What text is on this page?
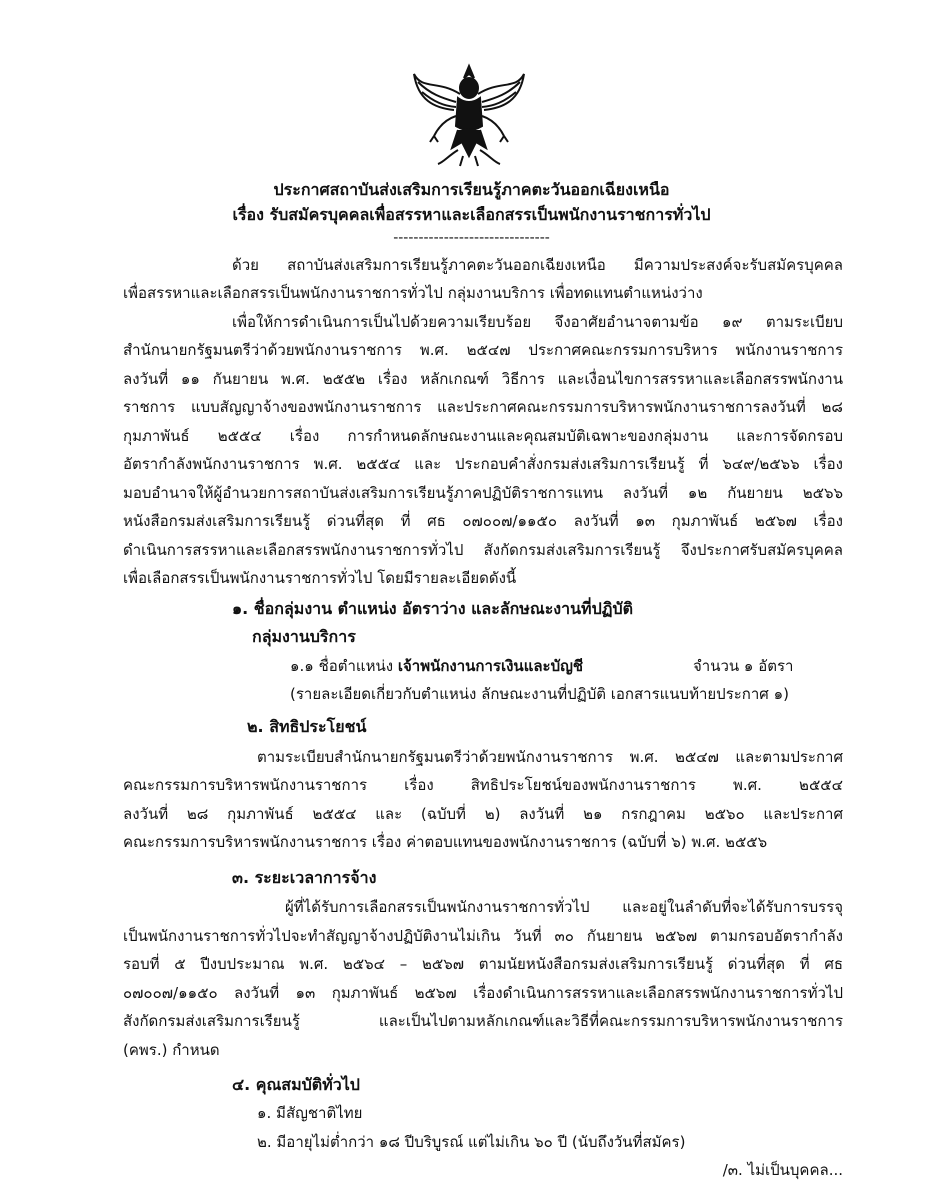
ประกาศสถาบันส่งเสริมการเรียนรู้ภาคตะวันออกเฉียงเหนือ
เรื่อง รับสมัครบุคคลเพื่อสรรหาและเลือกสรรเป็นพนักงานราชการทั่วไป
-------------------------------
ด้วย สถาบันส่งเสริมการเรียนรู้ภาคตะวันออกเฉียงเหนือ มีความประสงค์จะรับสมัครบุคคล
เพื่อสรรหาและเลือกสรรเป็นพนักงานราชการทั่วไป กลุ่มงานบริการ เพื่อทดแทนตำแหน่งว่าง
เพื่อให้การดำเนินการเป็นไปด้วยความเรียบร้อย จึงอาศัยอำนาจตามข้อ ๑๙ ตามระเบียบ
สำนักนายกรัฐมนตรีว่าด้วยพนักงานราชการ พ.ศ. ๒๕๔๗ ประกาศคณะกรรมการบริหาร พนักงานราชการ
ลงวันที่ ๑๑ กันยายน พ.ศ. ๒๕๕๒ เรื่อง หลักเกณฑ์ วิธีการ และเงื่อนไขการสรรหาและเลือกสรรพนักงาน
ราชการ แบบสัญญาจ้างของพนักงานราชการ และประกาศคณะกรรมการบริหารพนักงานราชการลงวันที่ ๒๘
กุมภาพันธ์ ๒๕๕๔ เรื่อง การกำหนดลักษณะงานและคุณสมบัติเฉพาะของกลุ่มงาน และการจัดกรอบ
อัตรากำลังพนักงานราชการ พ.ศ. ๒๕๕๔ และ ประกอบคำสั่งกรมส่งเสริมการเรียนรู้ ที่ ๖๔๙/๒๕๖๖ เรื่อง
มอบอำนาจให้ผู้อำนวยการสถาบันส่งเสริมการเรียนรู้ภาคปฏิบัติราชการแทน ลงวันที่ ๑๒ กันยายน ๒๕๖๖
หนังสือกรมส่งเสริมการเรียนรู้ ด่วนที่สุด ที่ ศธ ๐๗๐๐๗/๑๑๕๐ ลงวันที่ ๑๓ กุมภาพันธ์ ๒๕๖๗ เรื่อง
ดำเนินการสรรหาและเลือกสรรพนักงานราชการทั่วไป สังกัดกรมส่งเสริมการเรียนรู้ จึงประกาศรับสมัครบุคคล
เพื่อเลือกสรรเป็นพนักงานราชการทั่วไป โดยมีรายละเอียดดังนี้
๑. ชื่อกลุ่มงาน ตำแหน่ง อัตราว่าง และลักษณะงานที่ปฏิบัติ
กลุ่มงานบริการ
๑.๑ ชื่อตำแหน่ง เจ้าพนักงานการเงินและบัญชี	จำนวน ๑ อัตรา
(รายละเอียดเกี่ยวกับตำแหน่ง ลักษณะงานที่ปฏิบัติ เอกสารแนบท้ายประกาศ ๑)
๒. สิทธิประโยชน์
ตามระเบียบสำนักนายกรัฐมนตรีว่าด้วยพนักงานราชการ พ.ศ. ๒๕๔๗ และตามประกาศ
คณะกรรมการบริหารพนักงานราชการ เรื่อง สิทธิประโยชน์ของพนักงานราชการ พ.ศ. ๒๕๕๔
ลงวันที่ ๒๘ กุมภาพันธ์ ๒๕๕๔ และ (ฉบับที่ ๒) ลงวันที่ ๒๑ กรกฎาคม ๒๕๖๐ และประกาศ
คณะกรรมการบริหารพนักงานราชการ เรื่อง ค่าตอบแทนของพนักงานราชการ (ฉบับที่ ๖) พ.ศ. ๒๕๕๖
๓. ระยะเวลาการจ้าง
ผู้ที่ได้รับการเลือกสรรเป็นพนักงานราชการทั่วไป และอยู่ในลำดับที่จะได้รับการบรรจุ
เป็นพนักงานราชการทั่วไปจะทำสัญญาจ้างปฏิบัติงานไม่เกิน วันที่ ๓๐ กันยายน ๒๕๖๗ ตามกรอบอัตรากำลัง
รอบที่ ๕ ปีงบประมาณ พ.ศ. ๒๕๖๔ – ๒๕๖๗ ตามนัยหนังสือกรมส่งเสริมการเรียนรู้ ด่วนที่สุด ที่ ศธ
๐๗๐๐๗/๑๑๕๐ ลงวันที่ ๑๓ กุมภาพันธ์ ๒๕๖๗ เรื่องดำเนินการสรรหาและเลือกสรรพนักงานราชการทั่วไป
สังกัดกรมส่งเสริมการเรียนรู้ และเป็นไปตามหลักเกณฑ์และวิธีที่คณะกรรมการบริหารพนักงานราชการ
(คพร.) กำหนด
๔. คุณสมบัติทั่วไป
๑. มีสัญชาติไทย
๒. มีอายุไม่ต่ำกว่า ๑๘ ปีบริบูรณ์ แต่ไม่เกิน ๖๐ ปี (นับถึงวันที่สมัคร)
/๓. ไม่เป็นบุคคล...
